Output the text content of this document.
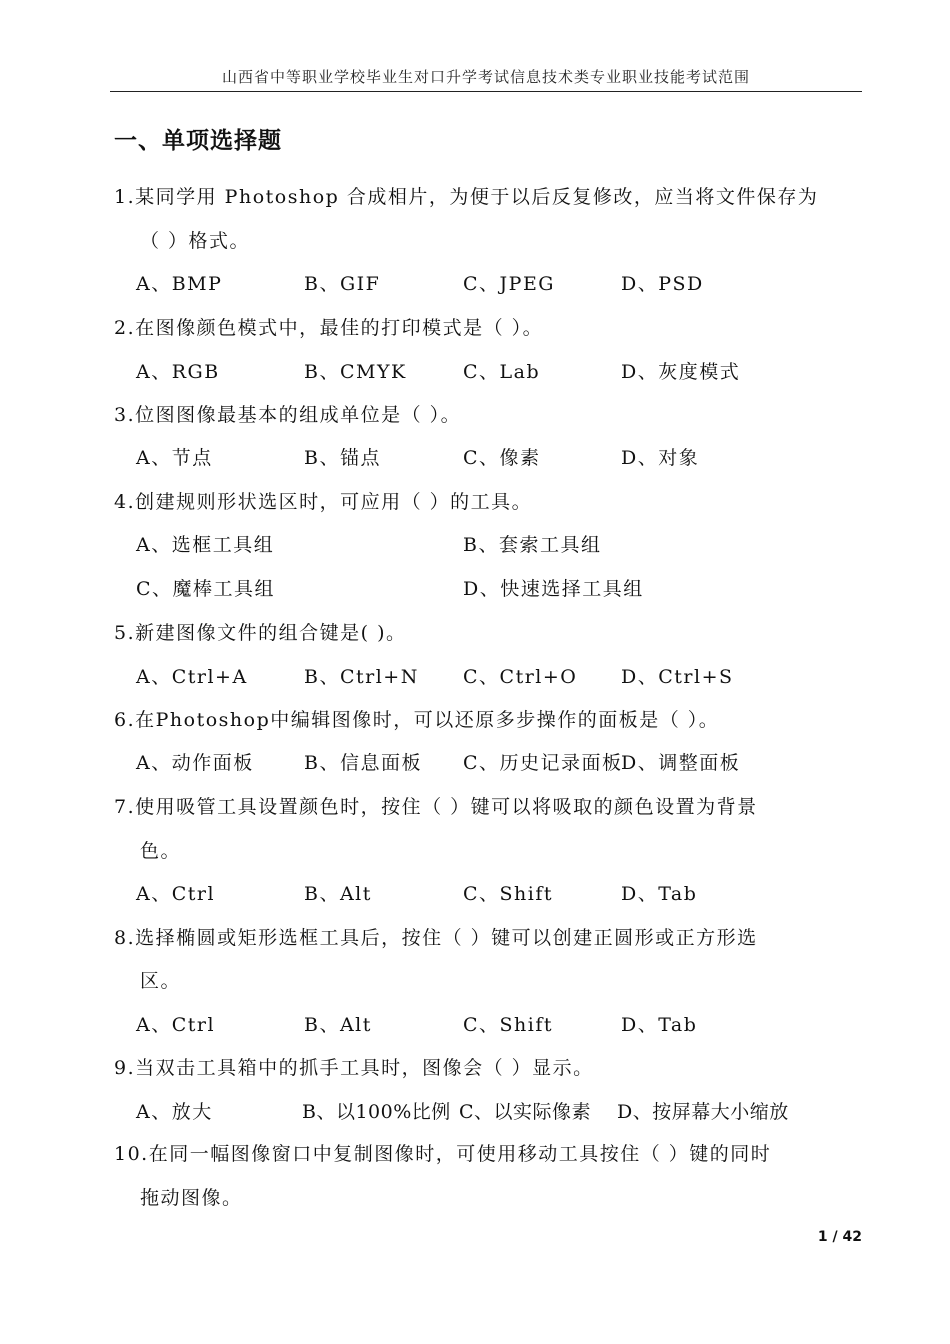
山西省中等职业学校毕业生对口升学考试信息技术类专业职业技能考试范围
一、单项选择题
1.某同学用 Photoshop 合成相片，为便于以后反复修改，应当将文件保存为
（ ）格式。
A、BMP	B、GIF	C、JPEG	D、PSD
2.在图像颜色模式中，最佳的打印模式是（ ）。
A、RGB	B、CMYK	C、Lab	D、灰度模式
3.位图图像最基本的组成单位是（ ）。
A、节点	B、锚点	C、像素	D、对象
4.创建规则形状选区时，可应用（ ）的工具。
A、选框工具组	B、套索工具组
C、魔棒工具组	D、快速选择工具组
5.新建图像文件的组合键是( )。
A、Ctrl+A	B、Ctrl+N C、Ctrl+O D、Ctrl+S
6.在Photoshop中编辑图像时，可以还原多步操作的面板是（ ）。
A、动作面板	B、信息面板 C、历史记录面板
D、调整面板
7.使用吸管工具设置颜色时，按住（ ）键可以将吸取的颜色设置为背景
色。
A、Ctrl	B、Alt	C、Shift	D、Tab
8.选择椭圆或矩形选框工具后，按住（ ）键可以创建正圆形或正方形选
区。
A、Ctrl	B、Alt	C、Shift	D、Tab
9.当双击工具箱中的抓手工具时，图像会（ ）显示。
A、放大	B、以100%比例 C、以实际像素 D、按屏幕大小缩放
10.在同一幅图像窗口中复制图像时，可使用移动工具按住（ ）键的同时
拖动图像。
1 / 42
